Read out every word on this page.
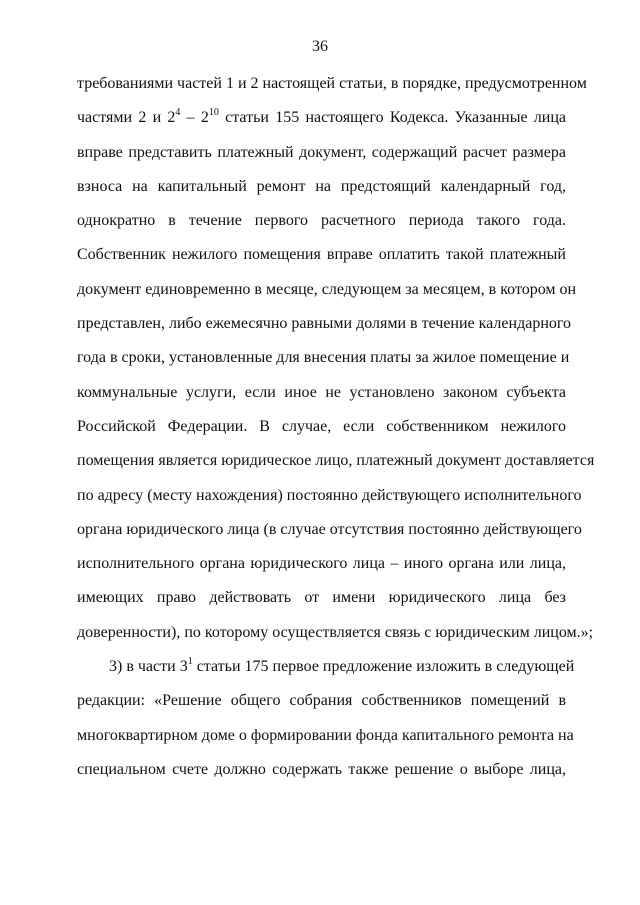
36
требованиями частей 1 и 2 настоящей статьи, в порядке, предусмотренном
частями 2 и $2^4 - 2^{10}$ статьи 155 настоящего Кодекса. Указанные лица
вправе представить платежный документ, содержащий расчет размера
взноса на капитальный ремонт на предстоящий календарный год,
однократно в течение первого расчетного периода такого года.
Собственник нежилого помещения вправе оплатить такой платежный
документ единовременно в месяце, следующем за месяцем, в котором он
представлен, либо ежемесячно равными долями в течение календарного
года в сроки, установленные для внесения платы за жилое помещение и
коммунальные услуги, если иное не установлено законом субъекта
Российской Федерации. В случае, если собственником нежилого
помещения является юридическое лицо, платежный документ доставляется
по адресу (месту нахождения) постоянно действующего исполнительного
органа юридического лица (в случае отсутствия постоянно действующего
исполнительного органа юридического лица – иного органа или лица,
имеющих право действовать от имени юридического лица без
доверенности), по которому осуществляется связь с юридическим лицом.»;
3) в части $3^1$ статьи 175 первое предложение изложить в следующей
редакции: «Решение общего собрания собственников помещений в
многоквартирном доме о формировании фонда капитального ремонта на
специальном счете должно содержать также решение о выборе лица,
